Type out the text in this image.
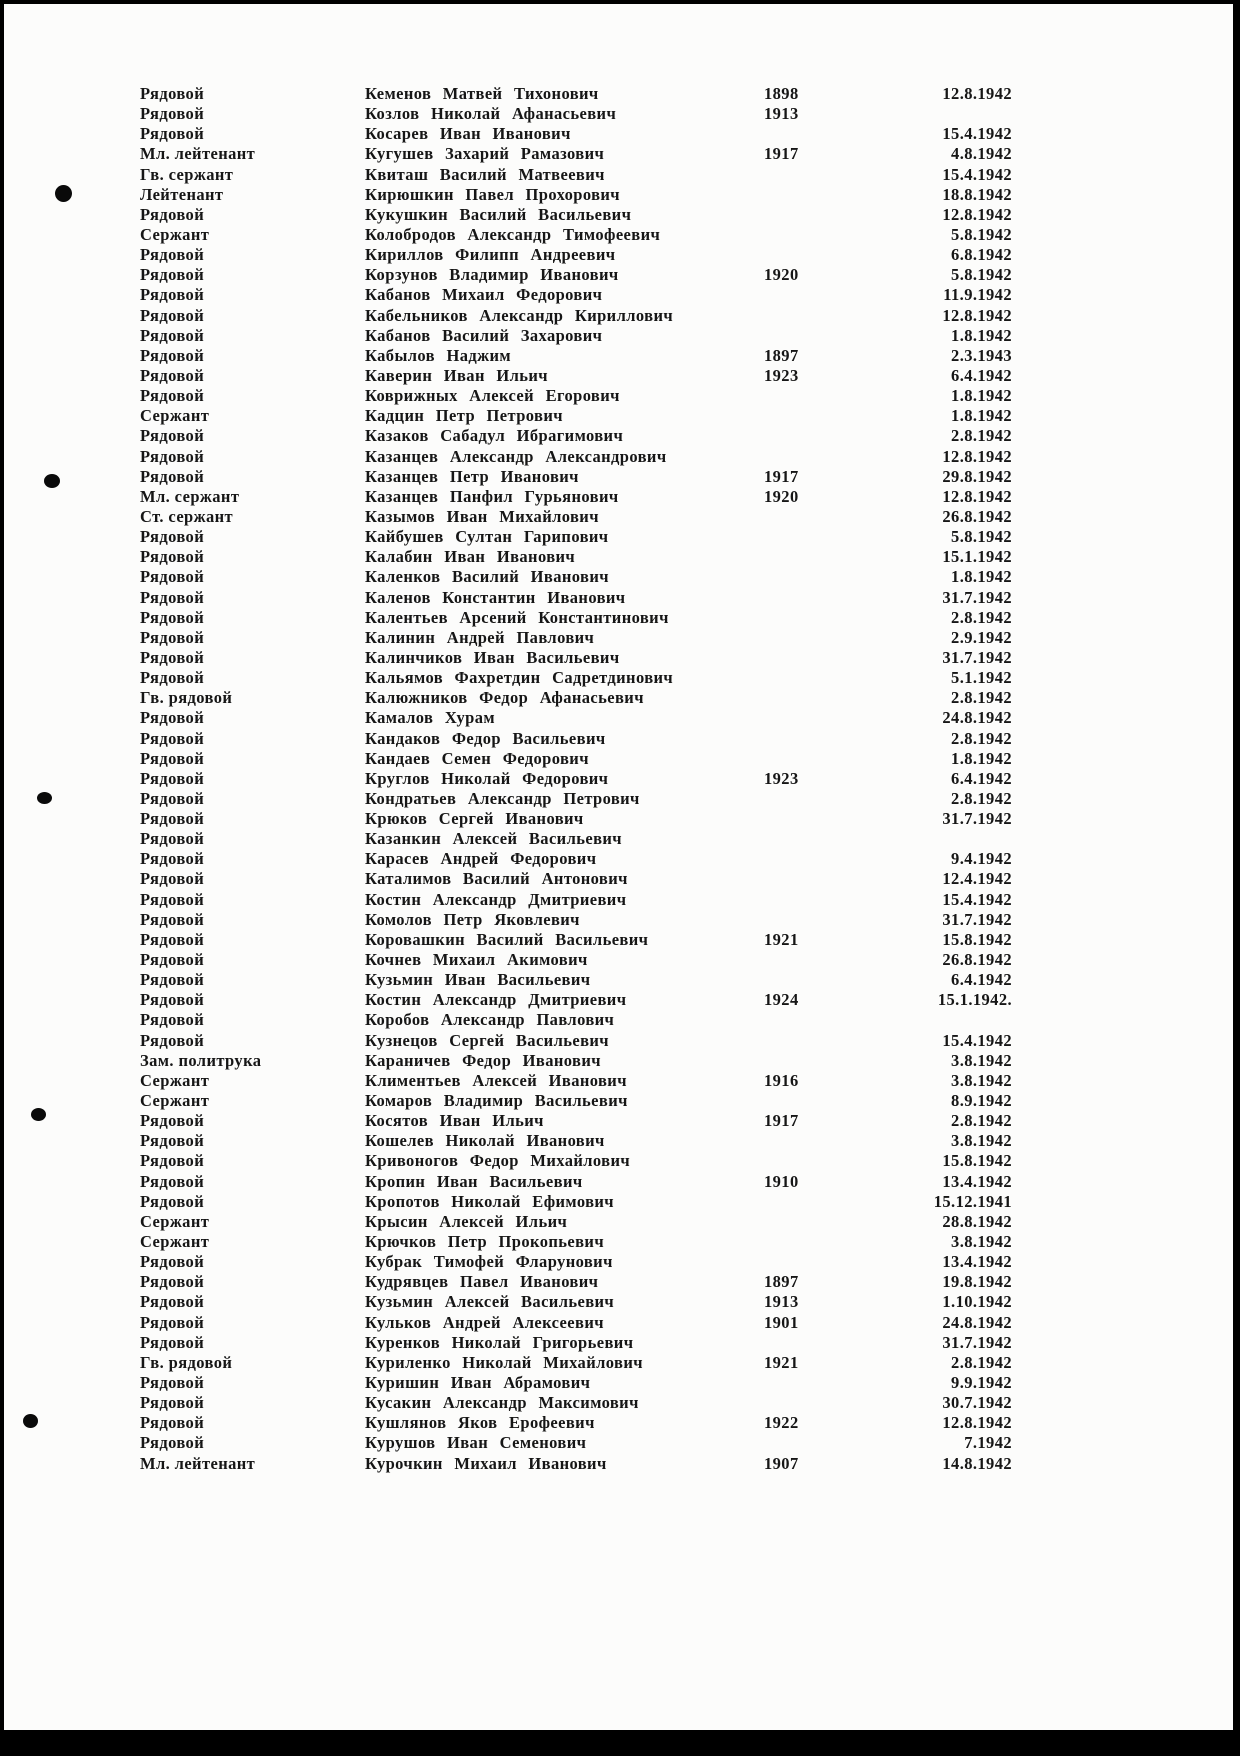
Рядовой	Кеменов Матвей Тихонович	1898	12.8.1942
Рядовой	Козлов Николай Афанасьевич	1913
Рядовой	Косарев Иван Иванович	15.4.1942
Мл. лейтенант	Кугушев Захарий Рамазович	1917	4.8.1942
Гв. сержант	Квиташ Василий Матвеевич	15.4.1942
Лейтенант	Кирюшкин Павел Прохорович	18.8.1942
Рядовой	Кукушкин Василий Васильевич	12.8.1942
Сержант	Колобродов Александр Тимофеевич	5.8.1942
Рядовой	Кириллов Филипп Андреевич	6.8.1942
Рядовой	Корзунов Владимир Иванович	1920	5.8.1942
Рядовой	Кабанов Михаил Федорович	11.9.1942
Рядовой	Кабельников Александр Кириллович	12.8.1942
Рядовой	Кабанов Василий Захарович	1.8.1942
Рядовой	Кабылов Наджим	1897	2.3.1943
Рядовой	Каверин Иван Ильич	1923	6.4.1942
Рядовой	Коврижных Алексей Егорович	1.8.1942
Сержант	Кадцин Петр Петрович	1.8.1942
Рядовой	Казаков Сабадул Ибрагимович	2.8.1942
Рядовой	Казанцев Александр Александрович	12.8.1942
Рядовой	Казанцев Петр Иванович	1917	29.8.1942
Мл. сержант	Казанцев Панфил Гурьянович	1920	12.8.1942
Ст. сержант	Казымов Иван Михайлович	26.8.1942
Рядовой	Кайбушев Султан Гарипович	5.8.1942
Рядовой	Калабин Иван Иванович	15.1.1942
Рядовой	Каленков Василий Иванович	1.8.1942
Рядовой	Каленов Константин Иванович	31.7.1942
Рядовой	Калентьев Арсений Константинович	2.8.1942
Рядовой	Калинин Андрей Павлович	2.9.1942
Рядовой	Калинчиков Иван Васильевич	31.7.1942
Рядовой	Кальямов Фахретдин Садретдинович	5.1.1942
Гв. рядовой	Калюжников Федор Афанасьевич	2.8.1942
Рядовой	Камалов Хурам	24.8.1942
Рядовой	Кандаков Федор Васильевич	2.8.1942
Рядовой	Кандаев Семен Федорович	1.8.1942
Рядовой	Круглов Николай Федорович	1923	6.4.1942
Рядовой	Кондратьев Александр Петрович	2.8.1942
Рядовой	Крюков Сергей Иванович	31.7.1942
Рядовой	Казанкин Алексей Васильевич
Рядовой	Карасев Андрей Федорович	9.4.1942
Рядовой	Каталимов Василий Антонович	12.4.1942
Рядовой	Костин Александр Дмитриевич	15.4.1942
Рядовой	Комолов Петр Яковлевич	31.7.1942
Рядовой	Коровашкин Василий Васильевич	1921	15.8.1942
Рядовой	Кочнев Михаил Акимович	26.8.1942
Рядовой	Кузьмин Иван Васильевич	6.4.1942
Рядовой	Костин Александр Дмитриевич	1924	15.1.1942.
Рядовой	Коробов Александр Павлович
Рядовой	Кузнецов Сергей Васильевич	15.4.1942
Зам. политрука	Караничев Федор Иванович	3.8.1942
Сержант	Климентьев Алексей Иванович	1916	3.8.1942
Сержант	Комаров Владимир Васильевич	8.9.1942
Рядовой	Косятов Иван Ильич	1917	2.8.1942
Рядовой	Кошелев Николай Иванович	3.8.1942
Рядовой	Кривоногов Федор Михайлович	15.8.1942
Рядовой	Кропин Иван Васильевич	1910	13.4.1942
Рядовой	Кропотов Николай Ефимович	15.12.1941
Сержант	Крысин Алексей Ильич	28.8.1942
Сержант	Крючков Петр Прокопьевич	3.8.1942
Рядовой	Кубрак Тимофей Фларунович	13.4.1942
Рядовой	Кудрявцев Павел Иванович	1897	19.8.1942
Рядовой	Кузьмин Алексей Васильевич	1913	1.10.1942
Рядовой	Кульков Андрей Алексеевич	1901	24.8.1942
Рядовой	Куренков Николай Григорьевич	31.7.1942
Гв. рядовой	Куриленко Николай Михайлович	1921	2.8.1942
Рядовой	Куришин Иван Абрамович	9.9.1942
Рядовой	Кусакин Александр Максимович	30.7.1942
Рядовой	Кушлянов Яков Ерофеевич	1922	12.8.1942
Рядовой	Курушов Иван Семенович	7.1942
Мл. лейтенант	Курочкин Михаил Иванович	1907	14.8.1942
